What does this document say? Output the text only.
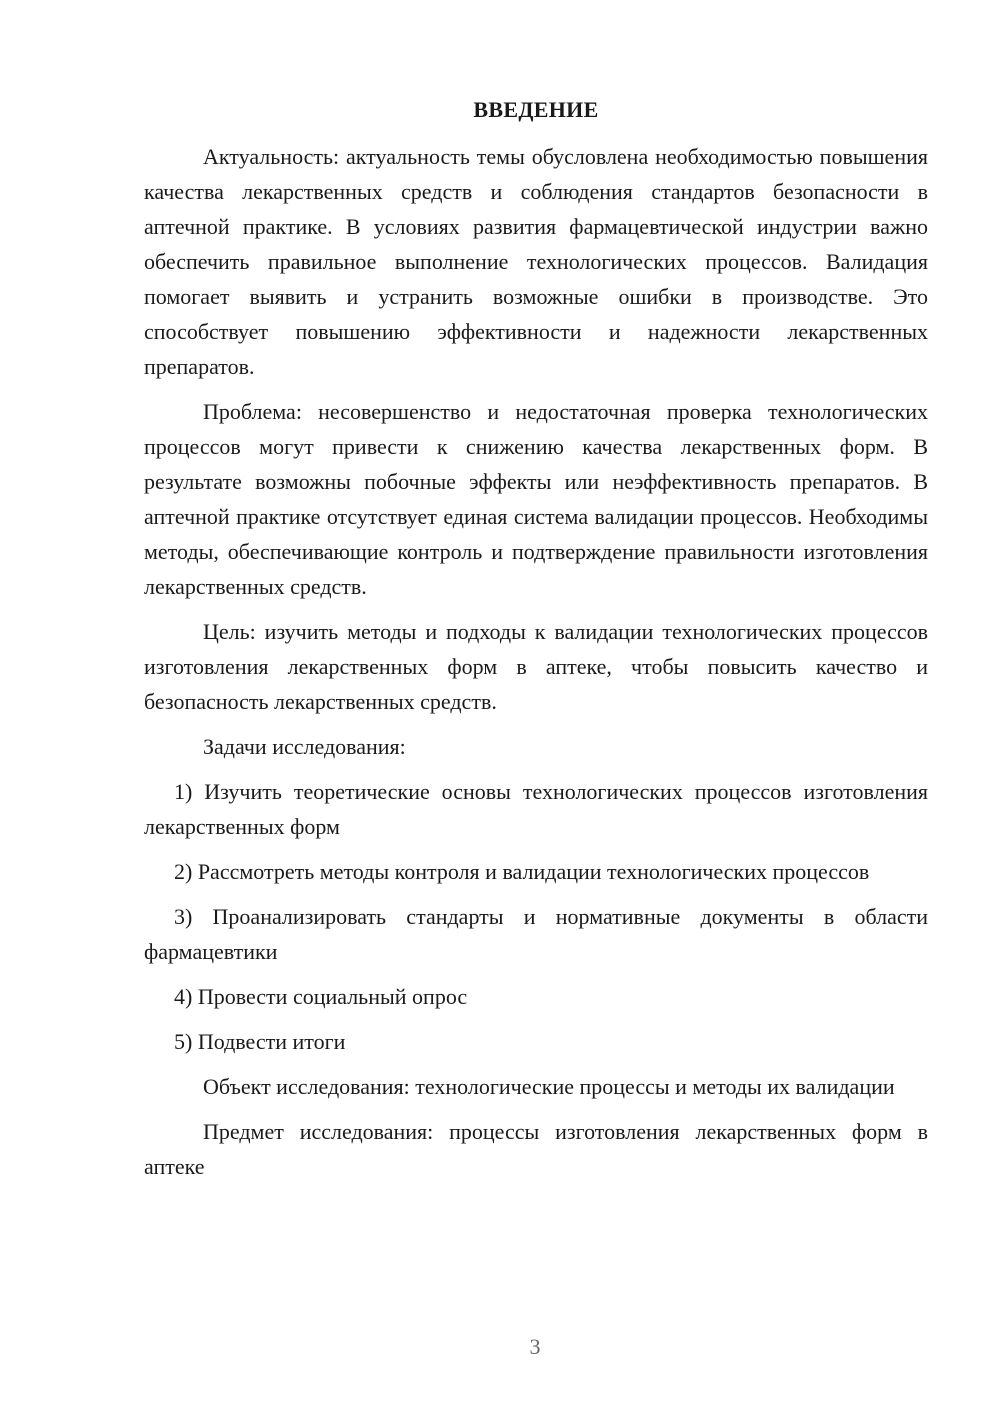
ВВЕДЕНИЕ

Актуальность: актуальность темы обусловлена необходимостью повышения качества лекарственных средств и соблюдения стандартов безопасности в аптечной практике. В условиях развития фармацевтической индустрии важно обеспечить правильное выполнение технологических процессов. Валидация помогает выявить и устранить возможные ошибки в производстве. Это способствует повышению эффективности и надежности лекарственных препаратов.

Проблема: несовершенство и недостаточная проверка технологических процессов могут привести к снижению качества лекарственных форм. В результате возможны побочные эффекты или неэффективность препаратов. В аптечной практике отсутствует единая система валидации процессов. Необходимы методы, обеспечивающие контроль и подтверждение правильности изготовления лекарственных средств.

Цель: изучить методы и подходы к валидации технологических процессов изготовления лекарственных форм в аптеке, чтобы повысить качество и безопасность лекарственных средств.

Задачи исследования:

1) Изучить теоретические основы технологических процессов изготовления лекарственных форм

2) Рассмотреть методы контроля и валидации технологических процессов

3) Проанализировать стандарты и нормативные документы в области фармацевтики

4) Провести социальный опрос

5) Подвести итоги

Объект исследования: технологические процессы и методы их валидации

Предмет исследования: процессы изготовления лекарственных форм в аптеке

3
